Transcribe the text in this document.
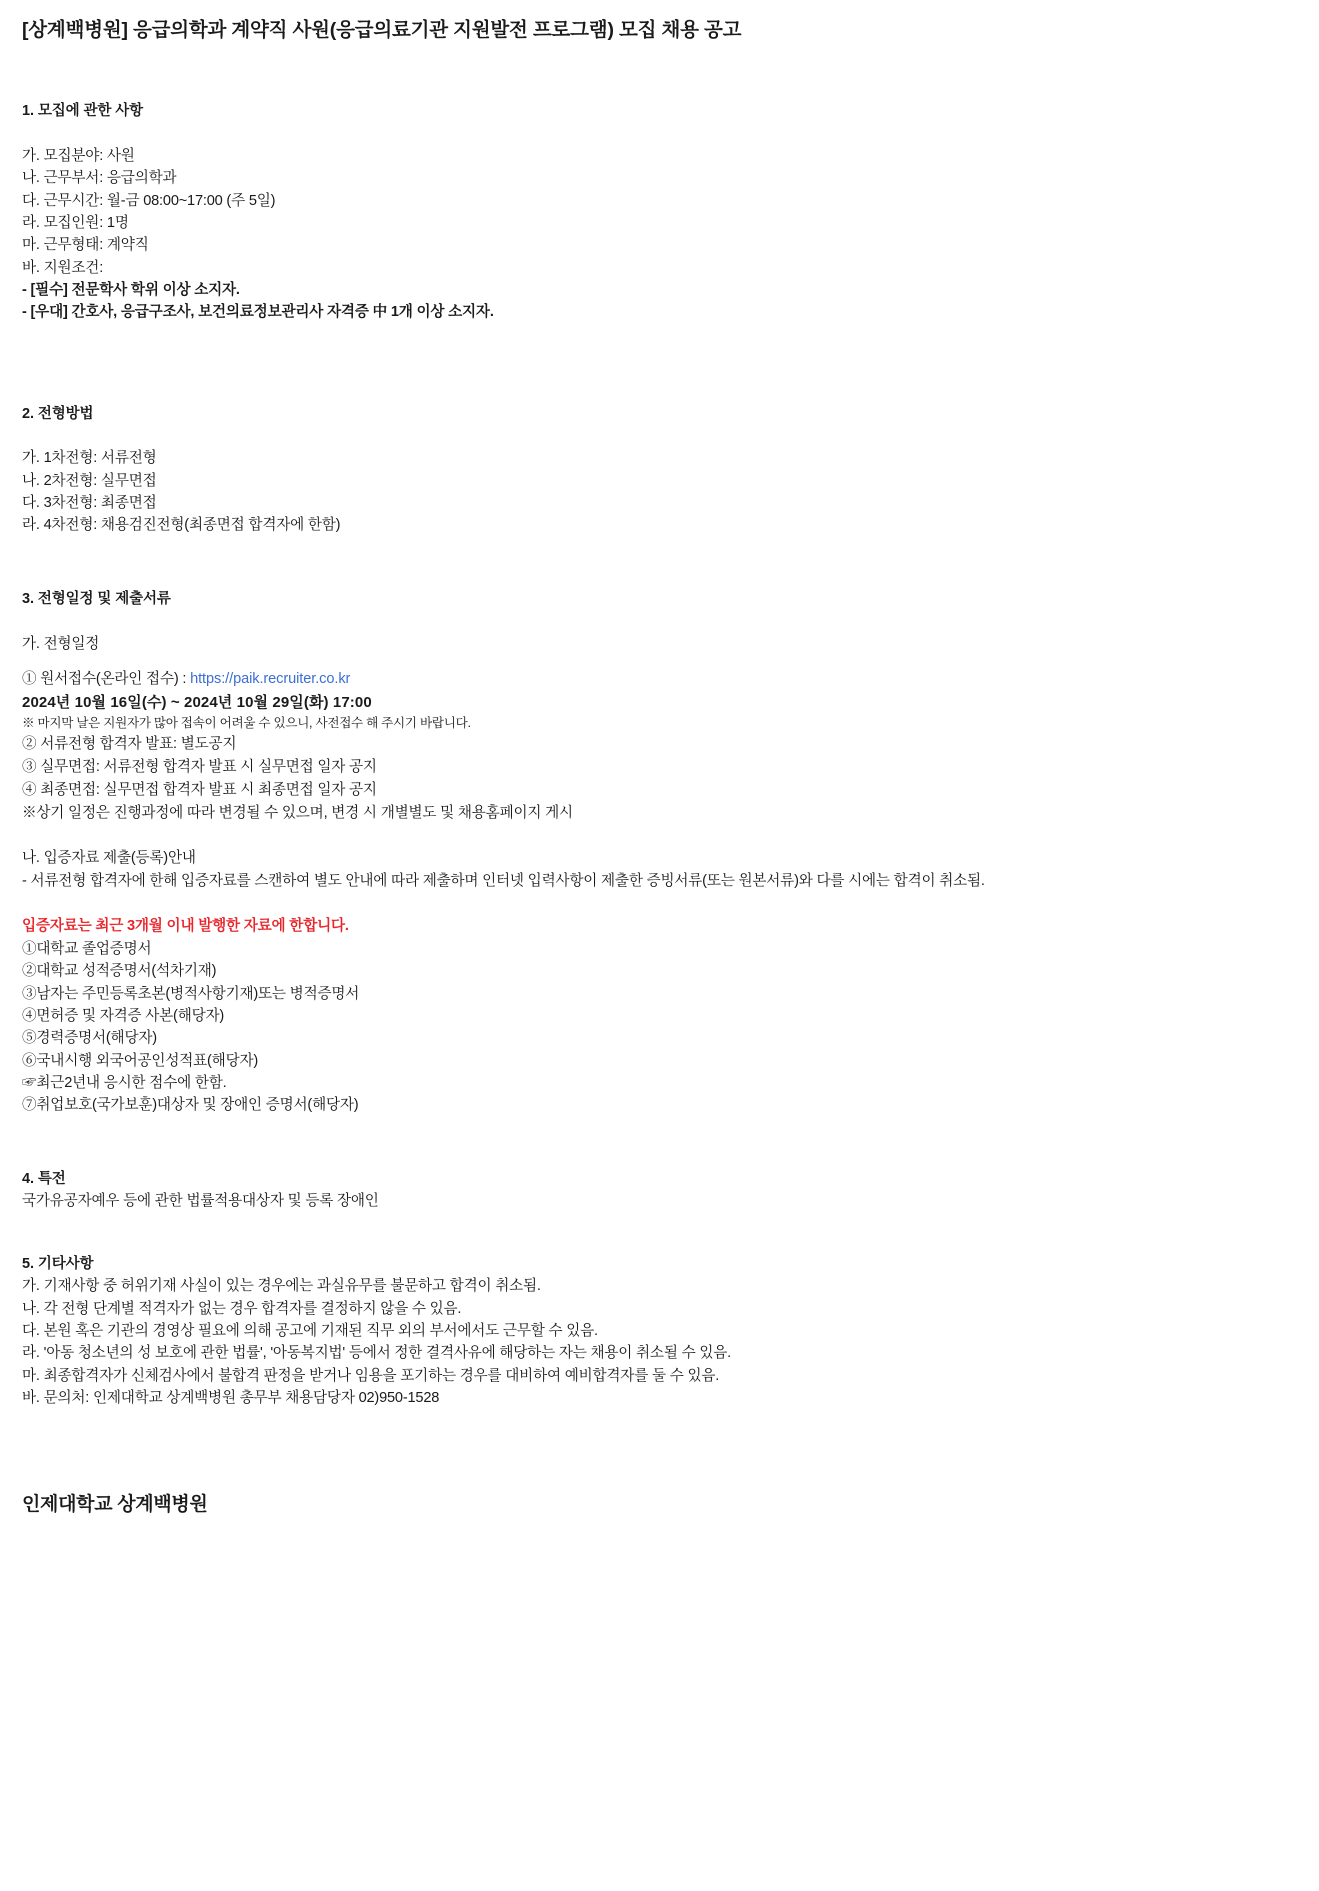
[상계백병원] 응급의학과 계약직 사원(응급의료기관 지원발전 프로그램) 모집 채용 공고

1. 모집에 관한 사항

가. 모집분야: 사원

나. 근무부서: 응급의학과

다. 근무시간: 월-금 08:00~17:00 (주 5일)

라. 모집인원: 1명

마. 근무형태: 계약직

바. 지원조건:

- [필수] 전문학사 학위 이상 소지자.

- [우대] 간호사, 응급구조사, 보건의료정보관리사 자격증 中 1개 이상 소지자.

2. 전형방법

가. 1차전형: 서류전형

나. 2차전형: 실무면접

다. 3차전형: 최종면접

라. 4차전형: 채용검진전형(최종면접 합격자에 한함)

3. 전형일정 및 제출서류

가. 전형일정

① 원서접수(온라인 접수) : https://paik.recruiter.co.kr

2024년 10월 16일(수) ~ 2024년 10월 29일(화) 17:00

※ 마지막 날은 지원자가 많아 접속이 어려울 수 있으니, 사전접수 해 주시기 바랍니다.

② 서류전형 합격자 발표: 별도공지

③ 실무면접: 서류전형 합격자 발표 시 실무면접 일자 공지

④ 최종면접: 실무면접 합격자 발표 시 최종면접 일자 공지

※상기 일정은 진행과정에 따라 변경될 수 있으며, 변경 시 개별별도 및 채용홈페이지 게시

나. 입증자료 제출(등록)안내

- 서류전형 합격자에 한해 입증자료를 스캔하여 별도 안내에 따라 제출하며 인터넷 입력사항이 제출한 증빙서류(또는 원본서류)와 다를 시에는 합격이 취소됨.

입증자료는 최근 3개월 이내 발행한 자료에 한합니다.

①대학교 졸업증명서

②대학교 성적증명서(석차기재)

③남자는 주민등록초본(병적사항기재)또는 병적증명서

④면허증 및 자격증 사본(해당자)

⑤경력증명서(해당자)

⑥국내시행 외국어공인성적표(해당자)

☞최근2년내 응시한 점수에 한함.

⑦취업보호(국가보훈)대상자 및 장애인 증명서(해당자)

4. 특전

국가유공자예우 등에 관한 법률적용대상자 및 등록 장애인

5. 기타사항

가. 기재사항 중 허위기재 사실이 있는 경우에는 과실유무를 불문하고 합격이 취소됨.

나. 각 전형 단계별 적격자가 없는 경우 합격자를 결정하지 않을 수 있음.

다. 본원 혹은 기관의 경영상 필요에 의해 공고에 기재된 직무 외의 부서에서도 근무할 수 있음.

라. '아동 청소년의 성 보호에 관한 법률', '아동복지법' 등에서 정한 결격사유에 해당하는 자는 채용이 취소될 수 있음.

마. 최종합격자가 신체검사에서 불합격 판정을 받거나 임용을 포기하는 경우를 대비하여 예비합격자를 둘 수 있음.

바. 문의처: 인제대학교 상계백병원 총무부 채용담당자 02)950-1528

인제대학교 상계백병원
